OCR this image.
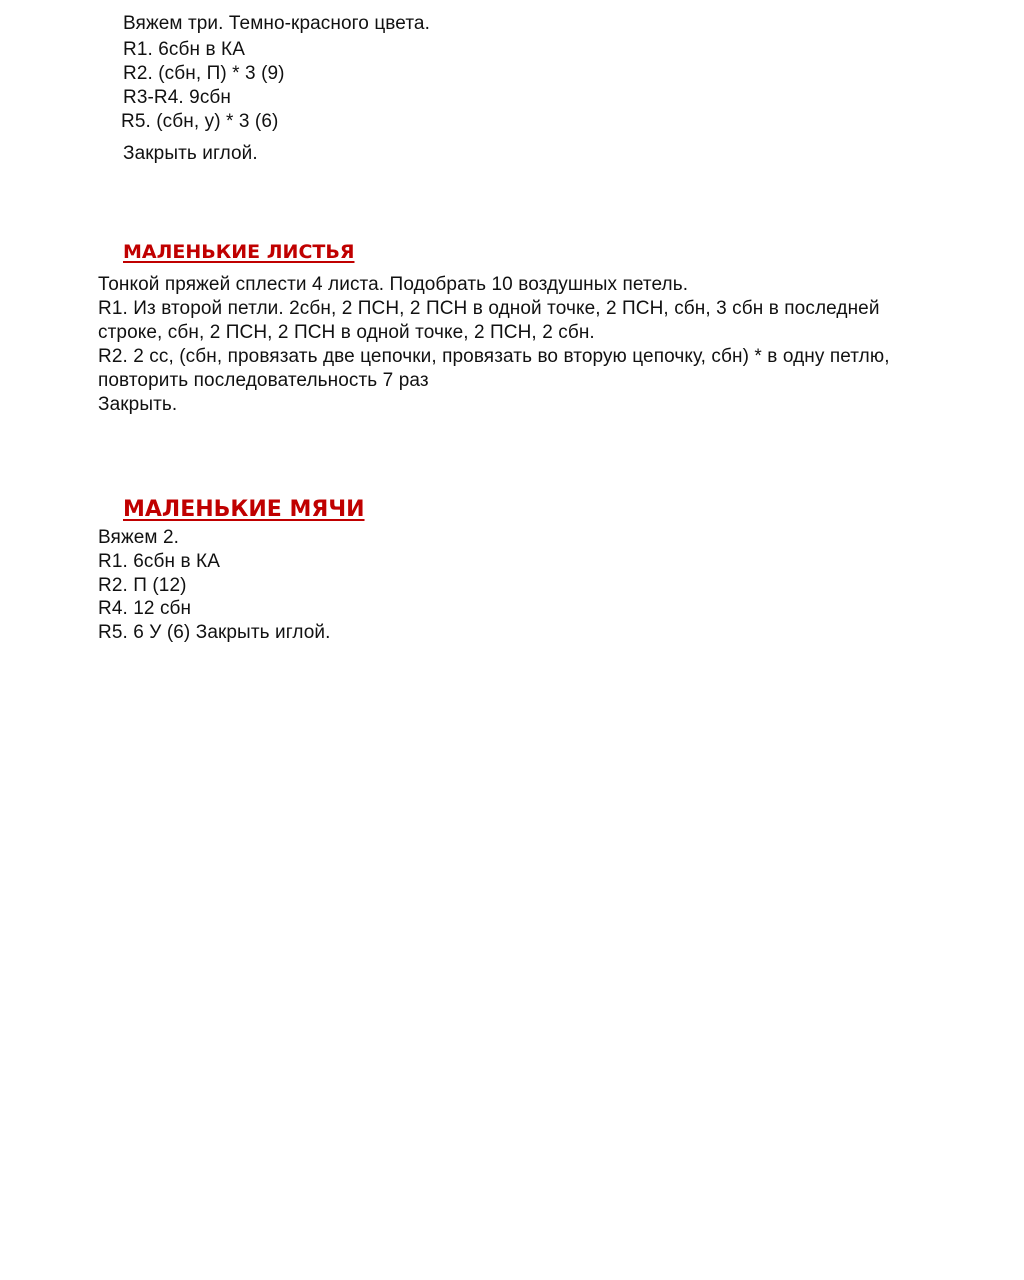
Вяжем три. Темно-красного цвета.
R1. 6сбн в КА
R2. (сбн, П) * 3 (9)
R3-R4. 9сбн
R5. (сбн, у) * 3 (6)
Закрыть иглой.
МАЛЕНЬКИЕ ЛИСТЬЯ
Тонкой пряжей сплести 4 листа. Подобрать 10 воздушных петель.
R1. Из второй петли. 2сбн, 2 ПСН, 2 ПСН в одной точке, 2 ПСН, сбн, 3 сбн в последней
строке, сбн, 2 ПСН, 2 ПСН в одной точке, 2 ПСН, 2 сбн.
R2. 2 сс, (сбн, провязать две цепочки, провязать во вторую цепочку, сбн) * в одну петлю,
повторить последовательность 7 раз
Закрыть.
МАЛЕНЬКИЕ МЯЧИ
Вяжем 2.
R1. 6сбн в КА
R2. П (12)
R4. 12 сбн
R5. 6 У (6) Закрыть иглой.
